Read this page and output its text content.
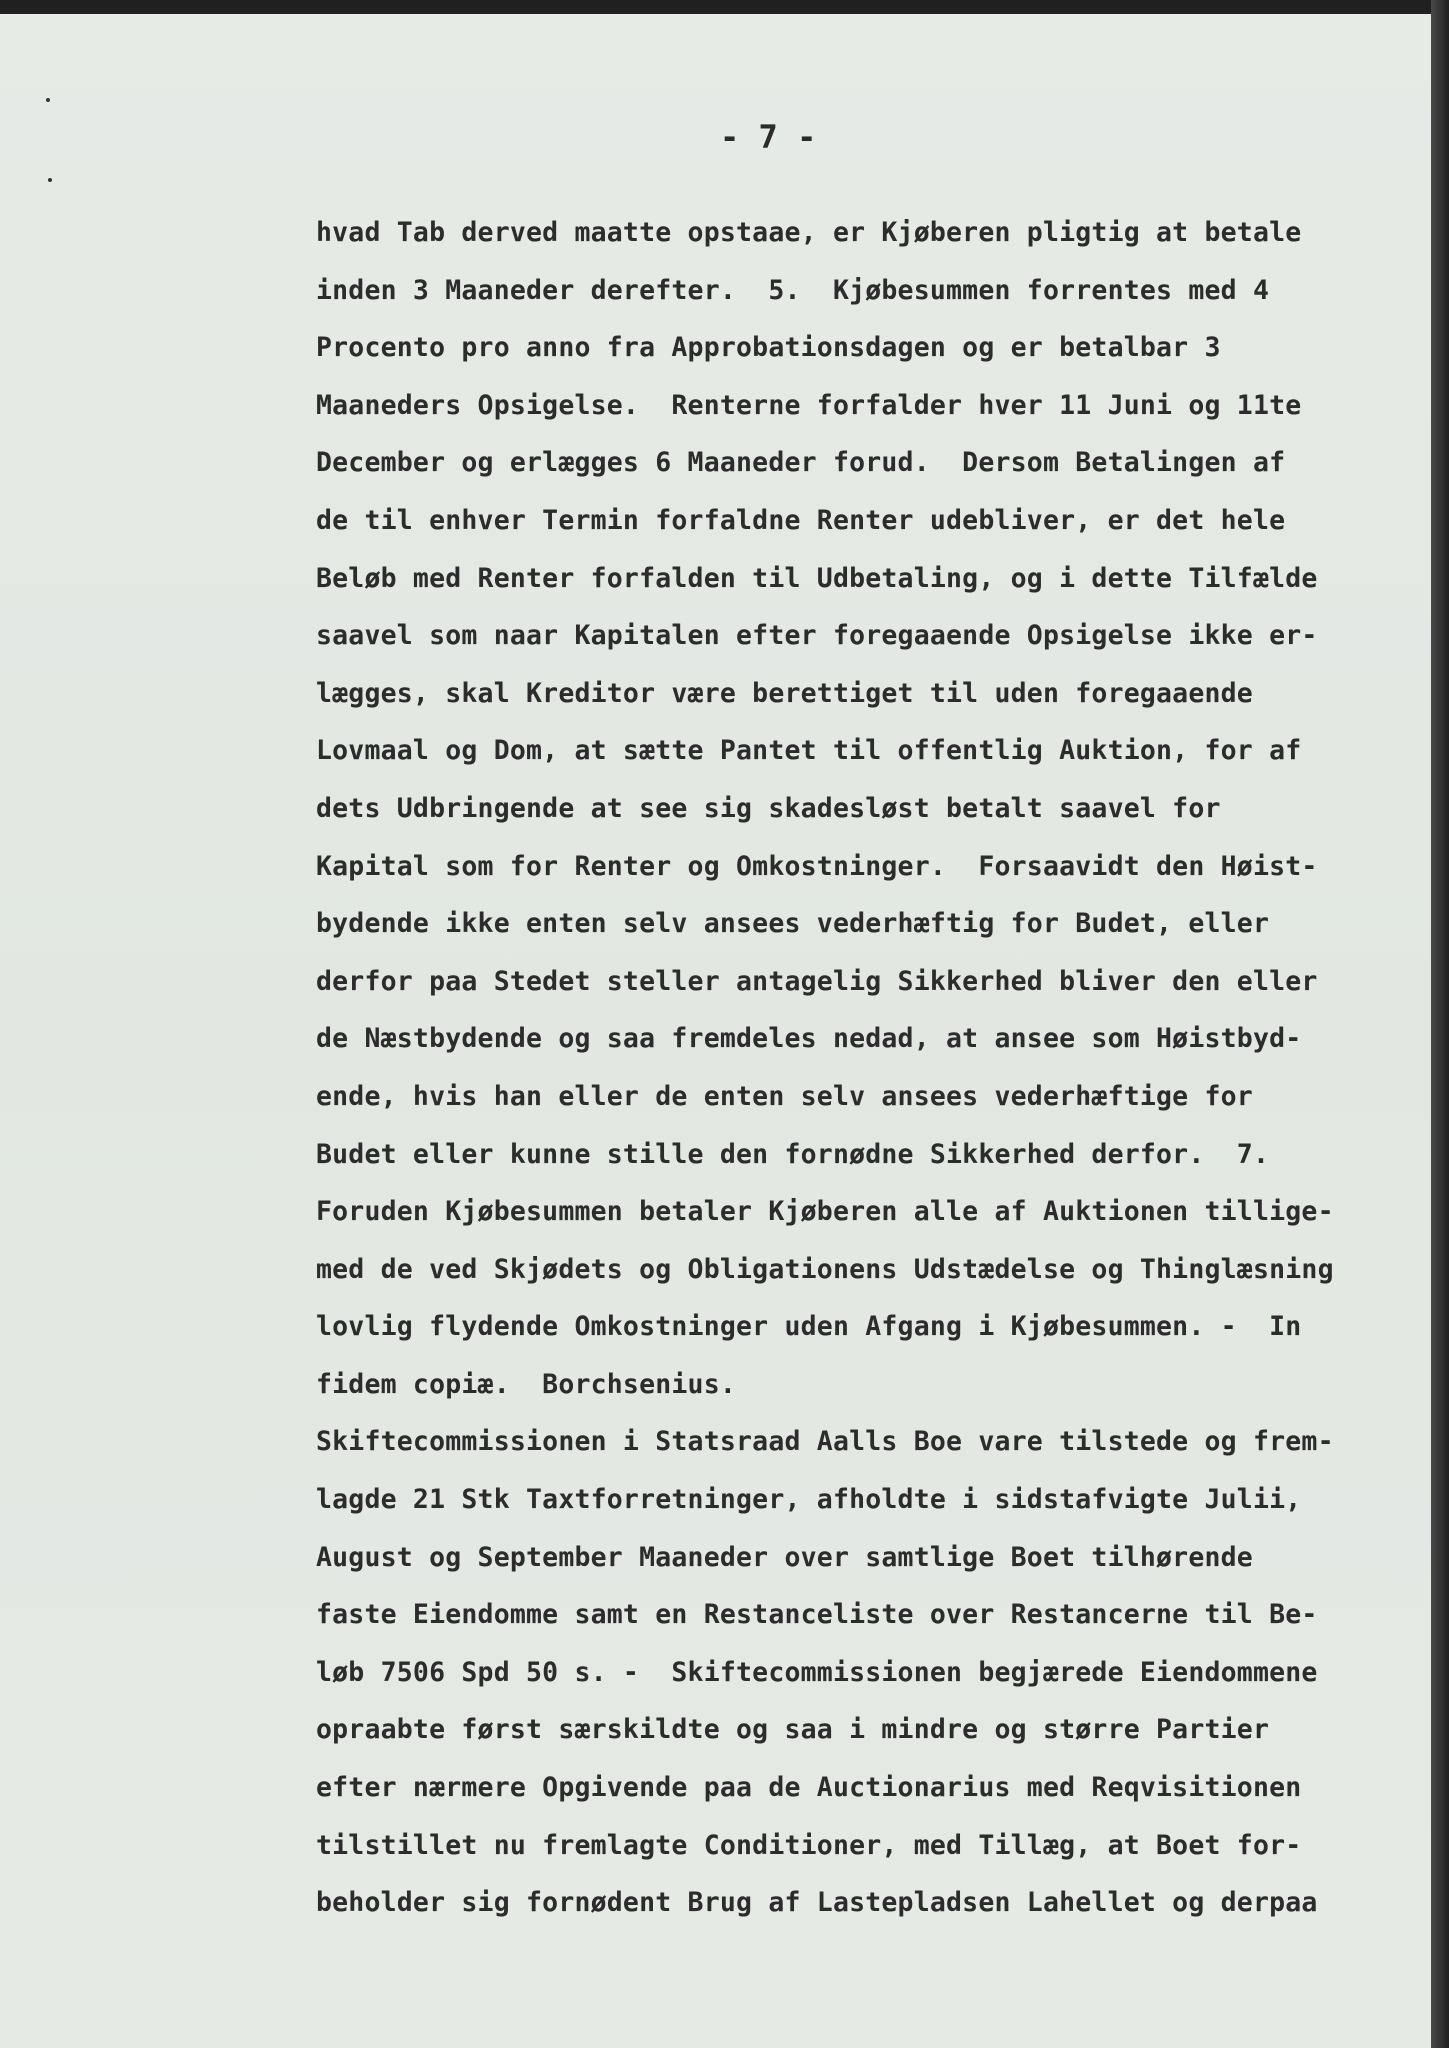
- 7 -
hvad Tab derved maatte opstaae, er Kjøberen pligtig at betale
inden 3 Maaneder derefter.  5.  Kjøbesummen forrentes med 4
Procento pro anno fra Approbationsdagen og er betalbar 3
Maaneders Opsigelse.  Renterne forfalder hver 11 Juni og 11te
December og erlægges 6 Maaneder forud.  Dersom Betalingen af
de til enhver Termin forfaldne Renter udebliver, er det hele
Beløb med Renter forfalden til Udbetaling, og i dette Tilfælde
saavel som naar Kapitalen efter foregaaende Opsigelse ikke er-
lægges, skal Kreditor være berettiget til uden foregaaende
Lovmaal og Dom, at sætte Pantet til offentlig Auktion, for af
dets Udbringende at see sig skadesløst betalt saavel for
Kapital som for Renter og Omkostninger.  Forsaavidt den Høist-
bydende ikke enten selv ansees vederhæftig for Budet, eller
derfor paa Stedet steller antagelig Sikkerhed bliver den eller
de Næstbydende og saa fremdeles nedad, at ansee som Høistbyd-
ende, hvis han eller de enten selv ansees vederhæftige for
Budet eller kunne stille den fornødne Sikkerhed derfor.  7.
Foruden Kjøbesummen betaler Kjøberen alle af Auktionen tillige-
med de ved Skjødets og Obligationens Udstædelse og Thinglæsning
lovlig flydende Omkostninger uden Afgang i Kjøbesummen. -  In
fidem copiæ.  Borchsenius.
Skiftecommissionen i Statsraad Aalls Boe vare tilstede og frem-
lagde 21 Stk Taxtforretninger, afholdte i sidstafvigte Julii,
August og September Maaneder over samtlige Boet tilhørende
faste Eiendomme samt en Restanceliste over Restancerne til Be-
løb 7506 Spd 50 s. -  Skiftecommissionen begjærede Eiendommene
opraabte først særskildte og saa i mindre og større Partier
efter nærmere Opgivende paa de Auctionarius med Reqvisitionen
tilstillet nu fremlagte Conditioner, med Tillæg, at Boet for-
beholder sig fornødent Brug af Lastepladsen Lahellet og derpaa
